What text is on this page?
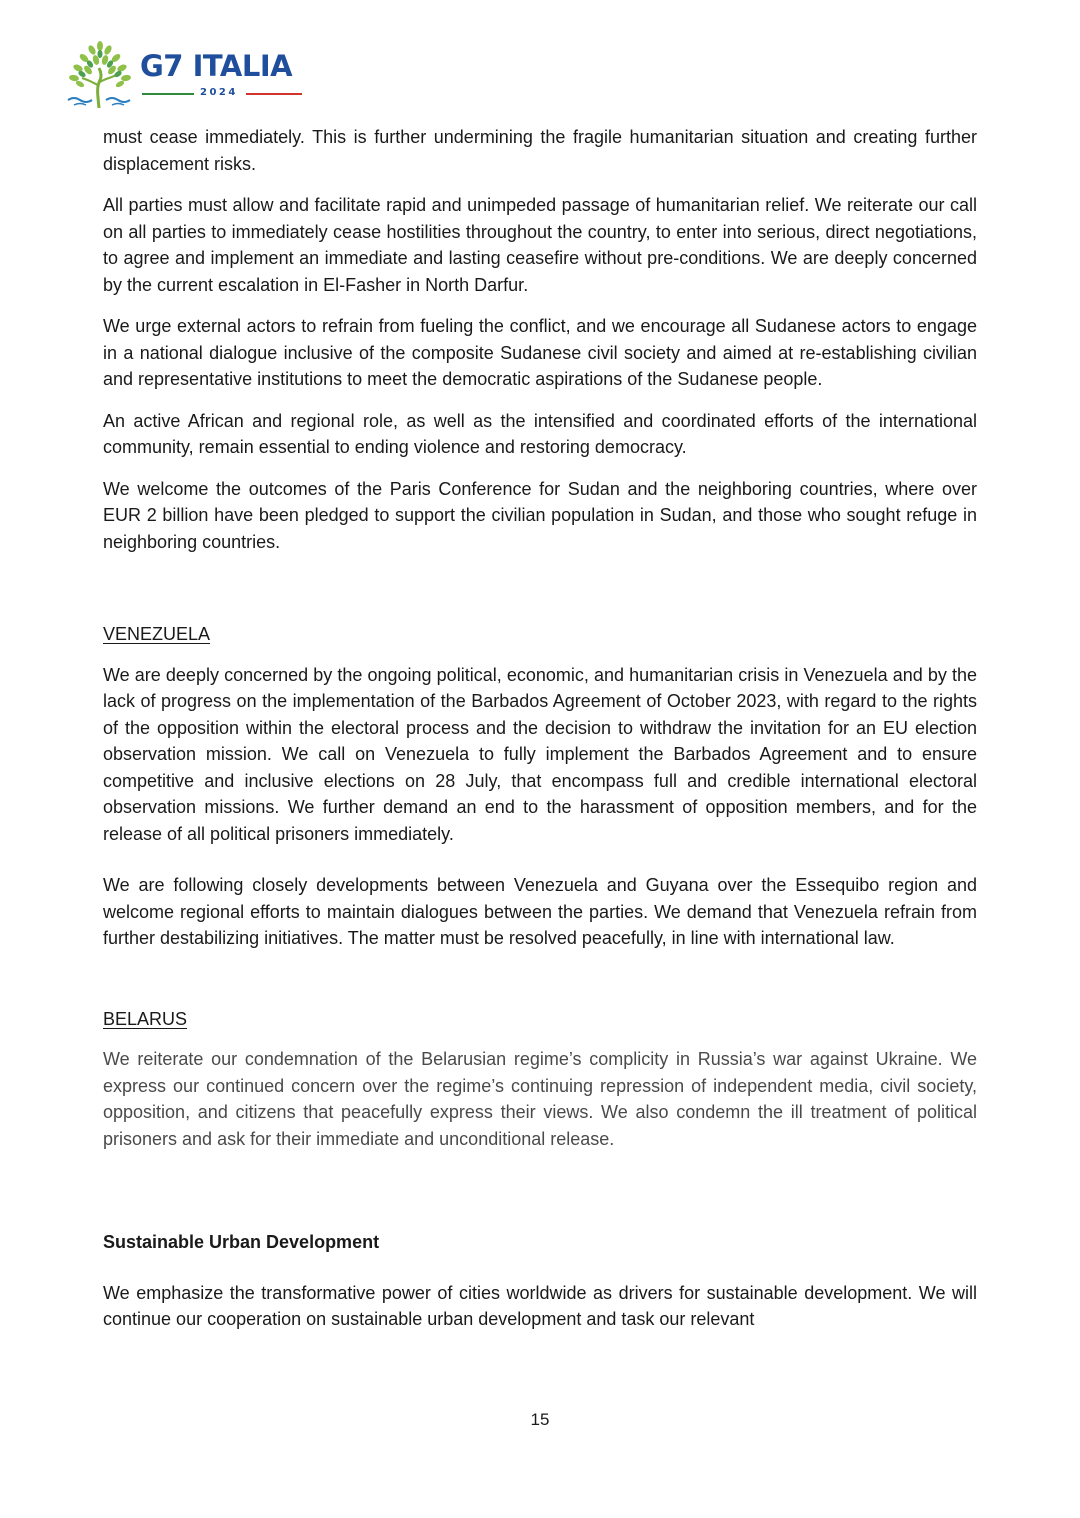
G7 ITALIA
2024

must cease immediately. This is further undermining the fragile humanitarian situation and creating further displacement risks.

All parties must allow and facilitate rapid and unimpeded passage of humanitarian relief. We reiterate our call on all parties to immediately cease hostilities throughout the country, to enter into serious, direct negotiations, to agree and implement an immediate and lasting ceasefire without pre-conditions. We are deeply concerned by the current escalation in El-Fasher in North Darfur.

We urge external actors to refrain from fueling the conflict, and we encourage all Sudanese actors to engage in a national dialogue inclusive of the composite Sudanese civil society and aimed at re-establishing civilian and representative institutions to meet the democratic aspirations of the Sudanese people.

An active African and regional role, as well as the intensified and coordinated efforts of the international community, remain essential to ending violence and restoring democracy.

We welcome the outcomes of the Paris Conference for Sudan and the neighboring countries, where over EUR 2 billion have been pledged to support the civilian population in Sudan, and those who sought refuge in neighboring countries.

VENEZUELA

We are deeply concerned by the ongoing political, economic, and humanitarian crisis in Venezuela and by the lack of progress on the implementation of the Barbados Agreement of October 2023, with regard to the rights of the opposition within the electoral process and the decision to withdraw the invitation for an EU election observation mission. We call on Venezuela to fully implement the Barbados Agreement and to ensure competitive and inclusive elections on 28 July, that encompass full and credible international electoral observation missions. We further demand an end to the harassment of opposition members, and for the release of all political prisoners immediately.

We are following closely developments between Venezuela and Guyana over the Essequibo region and welcome regional efforts to maintain dialogues between the parties. We demand that Venezuela refrain from further destabilizing initiatives. The matter must be resolved peacefully, in line with international law.

BELARUS

We reiterate our condemnation of the Belarusian regime’s complicity in Russia’s war against Ukraine. We express our continued concern over the regime’s continuing repression of independent media, civil society, opposition, and citizens that peacefully express their views. We also condemn the ill treatment of political prisoners and ask for their immediate and unconditional release.

Sustainable Urban Development

We emphasize the transformative power of cities worldwide as drivers for sustainable development. We will continue our cooperation on sustainable urban development and task our relevant

15
